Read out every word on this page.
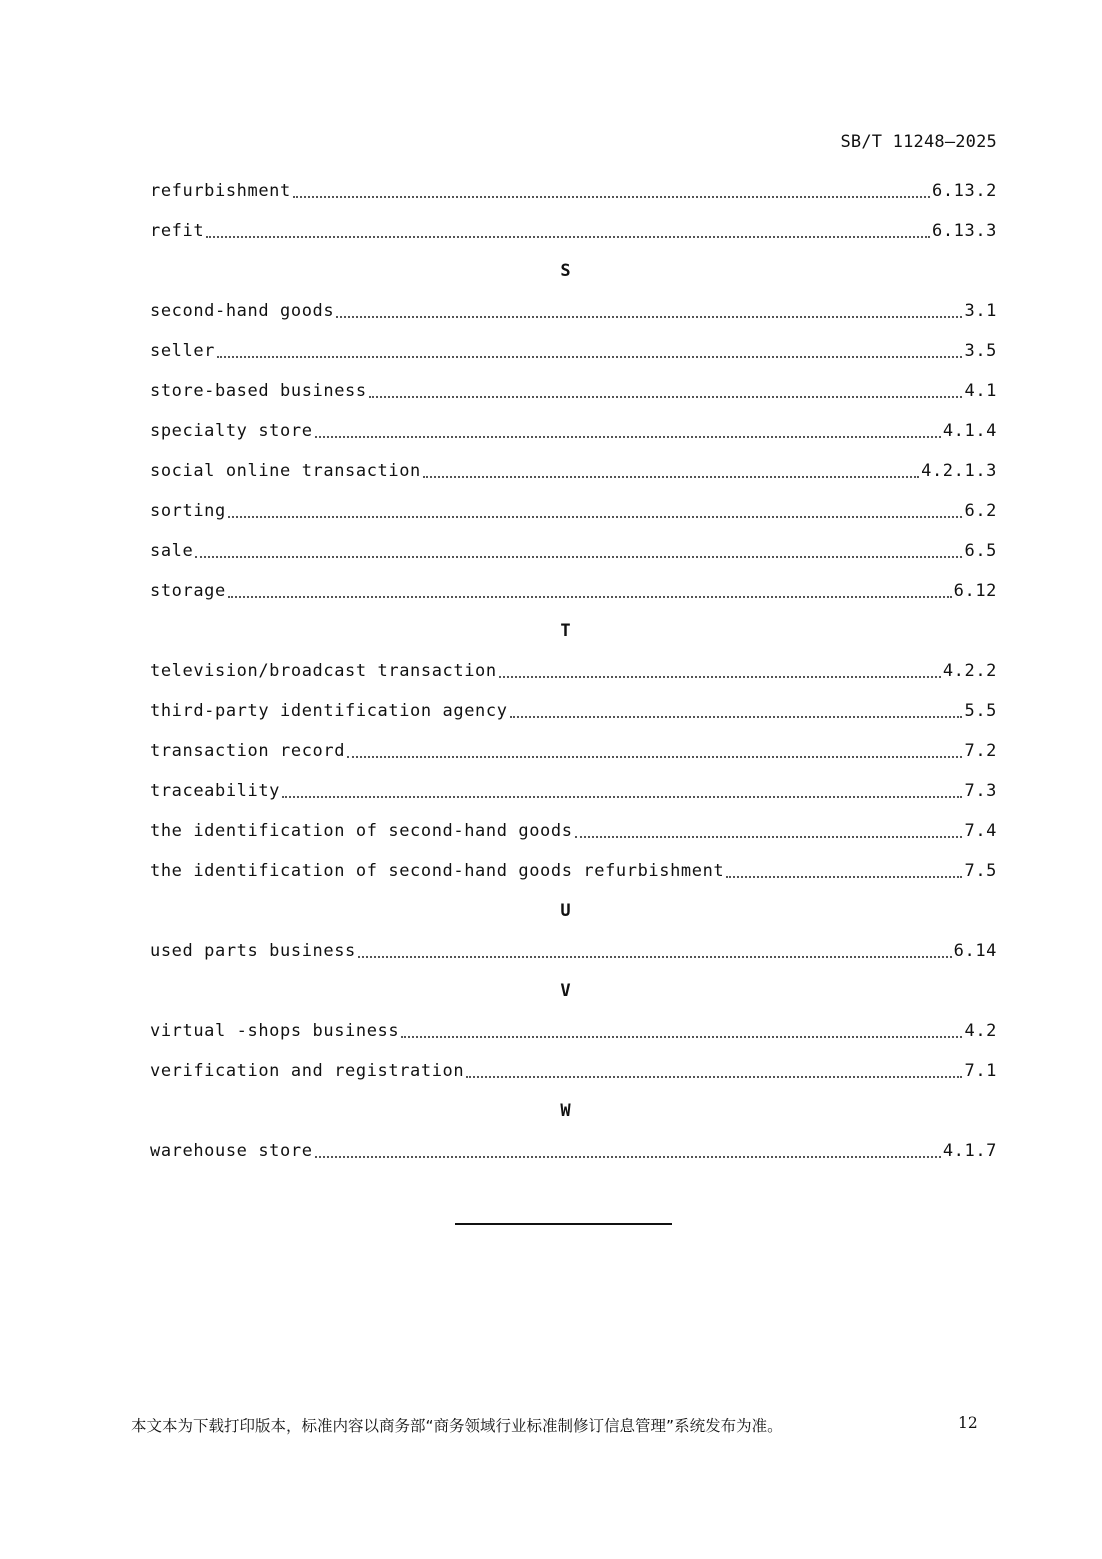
SB/T 11248—2025
refurbishment	6.13.2
refit	6.13.3
S
second-hand goods	3.1
seller	3.5
store-based business	4.1
specialty store	4.1.4
social online transaction	4.2.1.3
sorting	6.2
sale	6.5
storage	6.12
T
television/broadcast transaction	4.2.2
third-party identification agency	5.5
transaction record	7.2
traceability	7.3
the identification of second-hand goods	7.4
the identification of second-hand goods refurbishment	7.5
U
used parts business	6.14
V
virtual -shops business	4.2
verification and registration	7.1
W
warehouse store	4.1.7
本文本为下载打印版本，标准内容以商务部“商务领域行业标准制修订信息管理”系统发布为准。	12
